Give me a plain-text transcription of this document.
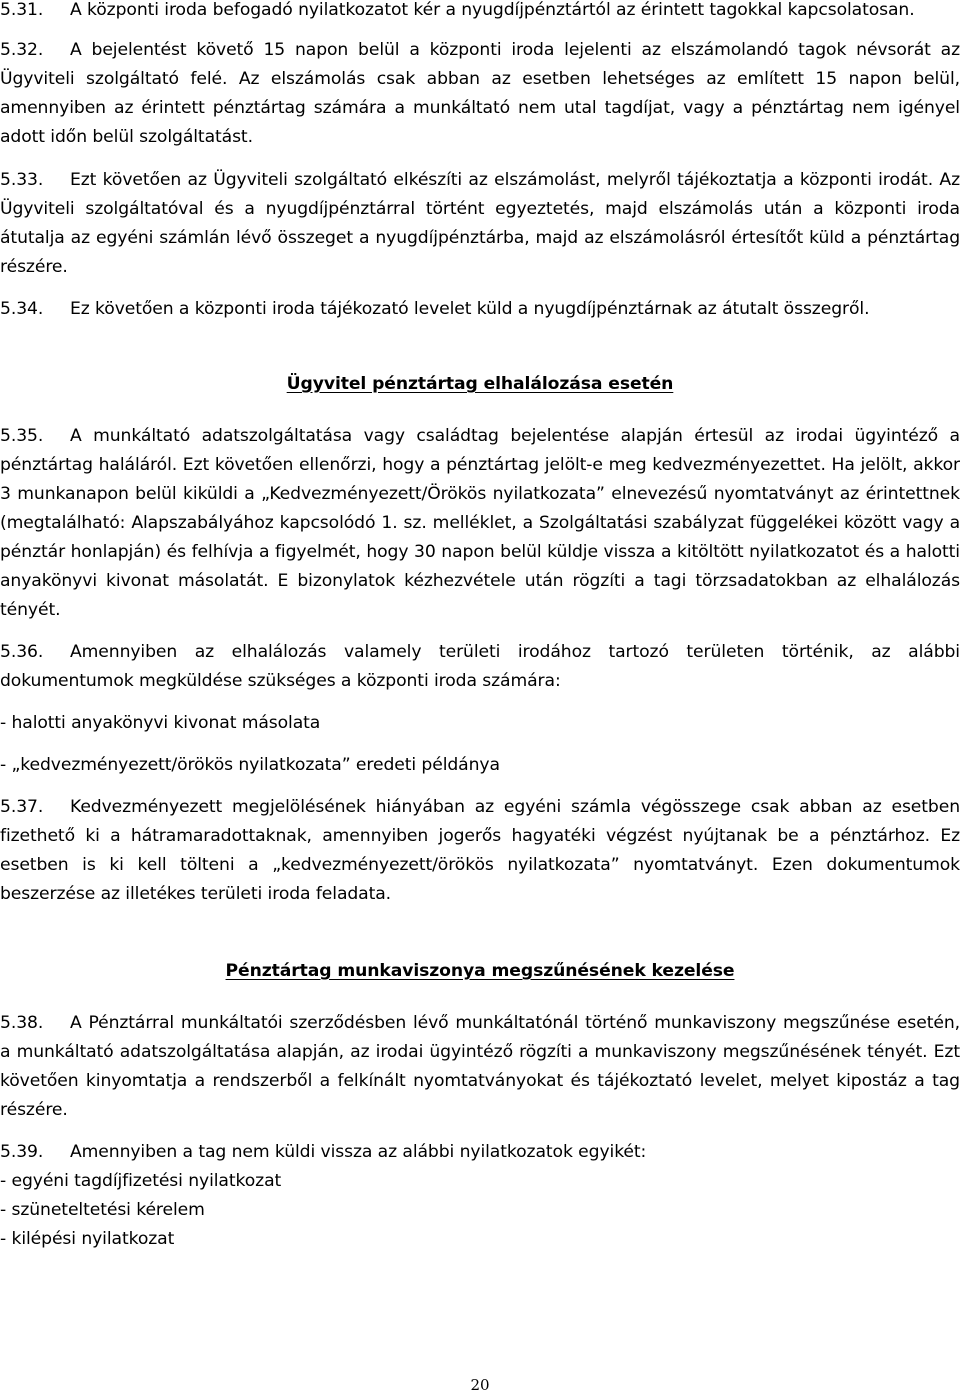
5.31. A központi iroda befogadó nyilatkozatot kér a nyugdíjpénztártól az érintett tagokkal kapcsolatosan.

5.32. A bejelentést követő 15 napon belül a központi iroda lejelenti az elszámolandó tagok névsorát az Ügyviteli szolgáltató felé. Az elszámolás csak abban az esetben lehetséges az említett 15 napon belül, amennyiben az érintett pénztártag számára a munkáltató nem utal tagdíjat, vagy a pénztártag nem igényel adott időn belül szolgáltatást.

5.33. Ezt követően az Ügyviteli szolgáltató elkészíti az elszámolást, melyről tájékoztatja a központi irodát. Az Ügyviteli szolgáltatóval és a nyugdíjpénztárral történt egyeztetés, majd elszámolás után a központi iroda átutalja az egyéni számlán lévő összeget a nyugdíjpénztárba, majd az elszámolásról értesítőt küld a pénztártag részére.

5.34. Ez követően a központi iroda tájékozató levelet küld a nyugdíjpénztárnak az átutalt összegről.

Ügyvitel pénztártag elhalálozása esetén

5.35. A munkáltató adatszolgáltatása vagy családtag bejelentése alapján értesül az irodai ügyintéző a pénztártag haláláról. Ezt követően ellenőrzi, hogy a pénztártag jelölt-e meg kedvezményezettet. Ha jelölt, akkor 3 munkanapon belül kiküldi a „Kedvezményezett/Örökös nyilatkozata” elnevezésű nyomtatványt az érintettnek (megtalálható: Alapszabályához kapcsolódó 1. sz. melléklet, a Szolgáltatási szabályzat függelékei között vagy a pénztár honlapján) és felhívja a figyelmét, hogy 30 napon belül küldje vissza a kitöltött nyilatkozatot és a halotti anyakönyvi kivonat másolatát. E bizonylatok kézhezvétele után rögzíti a tagi törzsadatokban az elhalálozás tényét.

5.36. Amennyiben az elhalálozás valamely területi irodához tartozó területen történik, az alábbi dokumentumok megküldése szükséges a központi iroda számára:

- halotti anyakönyvi kivonat másolata

- „kedvezményezett/örökös nyilatkozata” eredeti példánya

5.37. Kedvezményezett megjelölésének hiányában az egyéni számla végösszege csak abban az esetben fizethető ki a hátramaradottaknak, amennyiben jogerős hagyatéki végzést nyújtanak be a pénztárhoz. Ez esetben is ki kell tölteni a „kedvezményezett/örökös nyilatkozata” nyomtatványt. Ezen dokumentumok beszerzése az illetékes területi iroda feladata.

Pénztártag munkaviszonya megszűnésének kezelése

5.38. A Pénztárral munkáltatói szerződésben lévő munkáltatónál történő munkaviszony megszűnése esetén, a munkáltató adatszolgáltatása alapján, az irodai ügyintéző rögzíti a munkaviszony megszűnésének tényét. Ezt követően kinyomtatja a rendszerből a felkínált nyomtatványokat és tájékoztató levelet, melyet kipostáz a tag részére.

5.39. Amennyiben a tag nem küldi vissza az alábbi nyilatkozatok egyikét:

- egyéni tagdíjfizetési nyilatkozat

- szüneteltetési kérelem

- kilépési nyilatkozat

20
